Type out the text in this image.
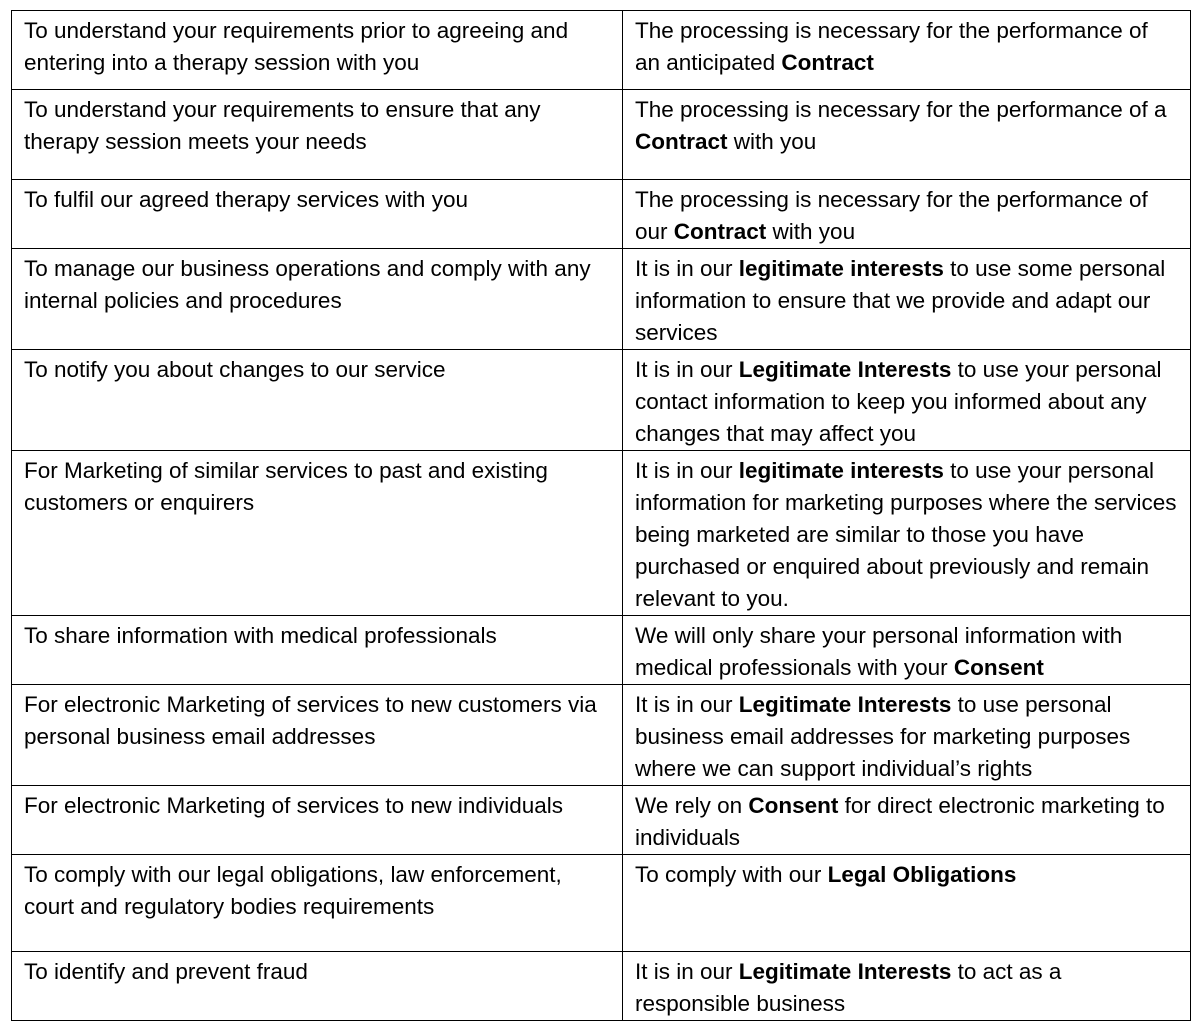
To understand your requirements prior to agreeing and entering into a therapy session with you	The processing is necessary for the performance of an anticipated Contract
To understand your requirements to ensure that any therapy session meets your needs	The processing is necessary for the performance of a Contract with you
To fulfil our agreed therapy services with you	The processing is necessary for the performance of our Contract with you
To manage our business operations and comply with any internal policies and procedures	It is in our legitimate interests to use some personal information to ensure that we provide and adapt our services
To notify you about changes to our service	It is in our Legitimate Interests to use your personal contact information to keep you informed about any changes that may affect you
For Marketing of similar services to past and existing customers or enquirers	It is in our legitimate interests to use your personal information for marketing purposes where the services being marketed are similar to those you have purchased or enquired about previously and remain relevant to you.
To share information with medical professionals	We will only share your personal information with medical professionals with your Consent
For electronic Marketing of services to new customers via personal business email addresses	It is in our Legitimate Interests to use personal business email addresses for marketing purposes where we can support individual’s rights
For electronic Marketing of services to new individuals	We rely on Consent for direct electronic marketing to individuals
To comply with our legal obligations, law enforcement, court and regulatory bodies requirements	To comply with our Legal Obligations
To identify and prevent fraud	It is in our Legitimate Interests to act as a responsible business
